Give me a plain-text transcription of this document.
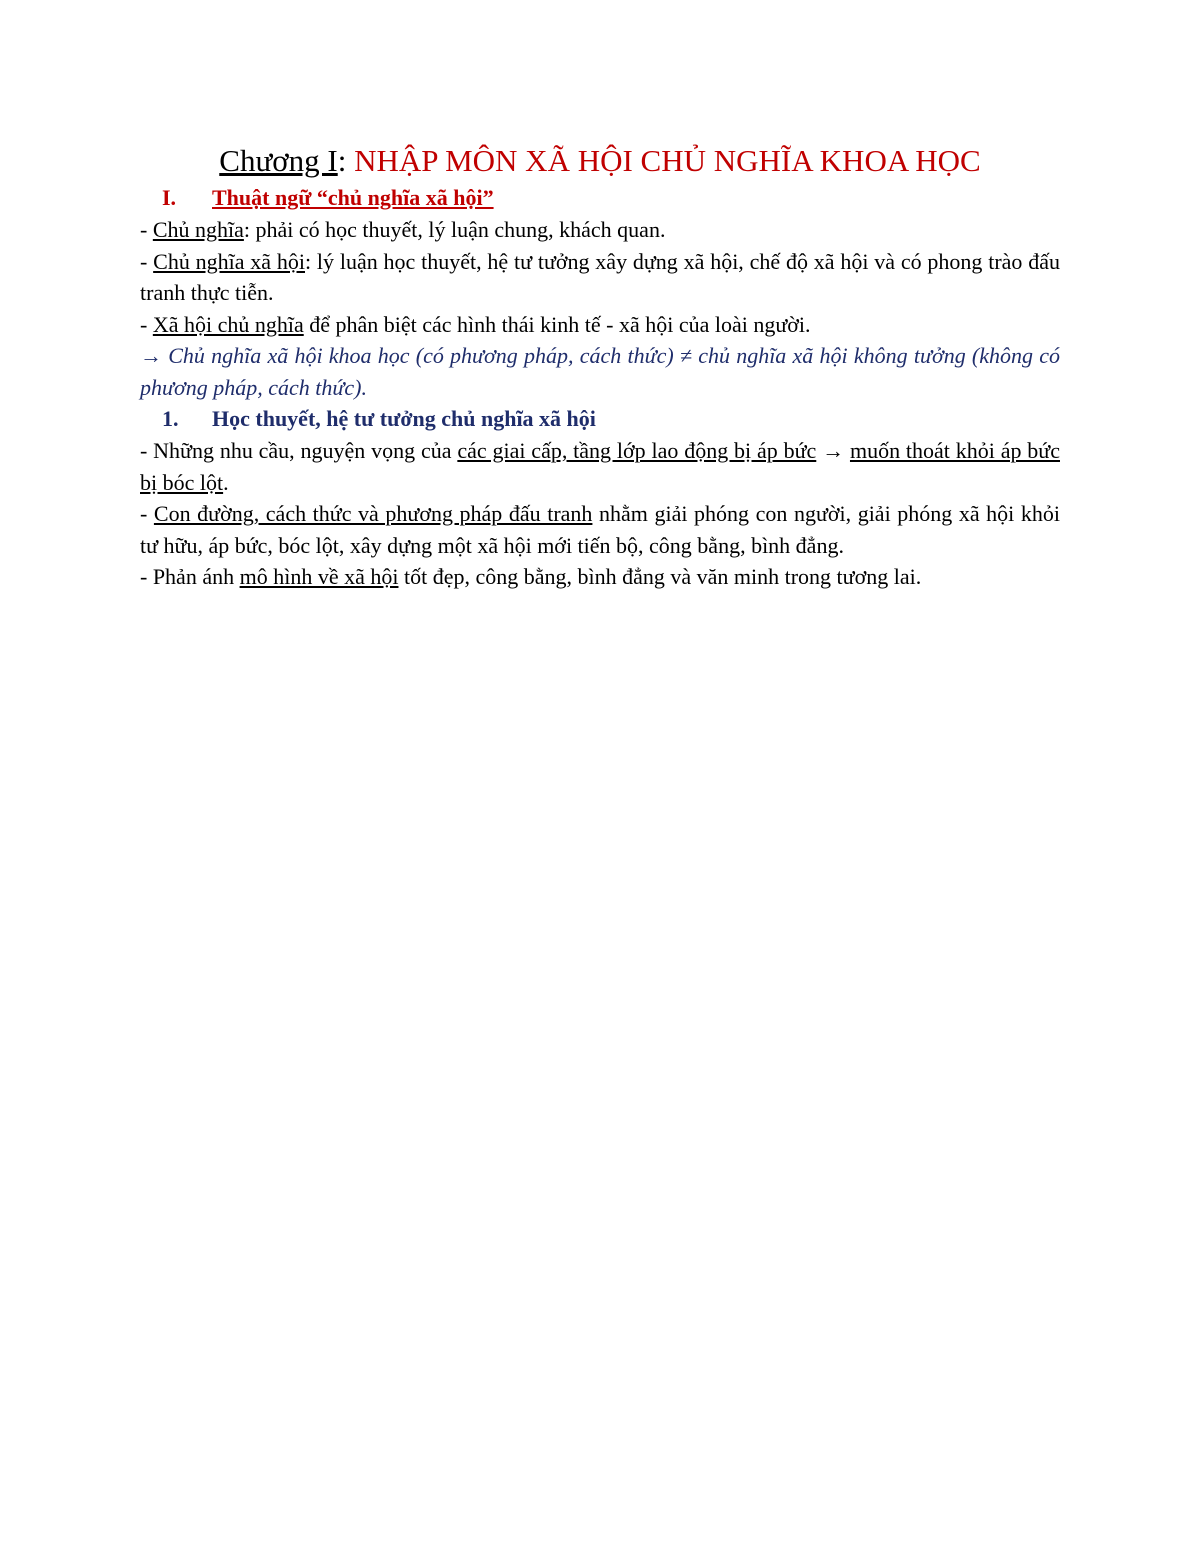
Chương I: NHẬP MÔN XÃ HỘI CHỦ NGHĨA KHOA HỌC
I. Thuật ngữ “chủ nghĩa xã hội”

- Chủ nghĩa: phải có học thuyết, lý luận chung, khách quan.

- Chủ nghĩa xã hội: lý luận học thuyết, hệ tư tưởng xây dựng xã hội, chế độ xã hội và có phong trào đấu tranh thực tiễn.

- Xã hội chủ nghĩa để phân biệt các hình thái kinh tế - xã hội của loài người.

→ Chủ nghĩa xã hội khoa học (có phương pháp, cách thức) ≠ chủ nghĩa xã hội không tưởng (không có phương pháp, cách thức).

1. Học thuyết, hệ tư tưởng chủ nghĩa xã hội

- Những nhu cầu, nguyện vọng của các giai cấp, tầng lớp lao động bị áp bức → muốn thoát khỏi áp bức bị bóc lột.

- Con đường, cách thức và phương pháp đấu tranh nhằm giải phóng con người, giải phóng xã hội khỏi tư hữu, áp bức, bóc lột, xây dựng một xã hội mới tiến bộ, công bằng, bình đẳng.

- Phản ánh mô hình về xã hội tốt đẹp, công bằng, bình đẳng và văn minh trong tương lai.
